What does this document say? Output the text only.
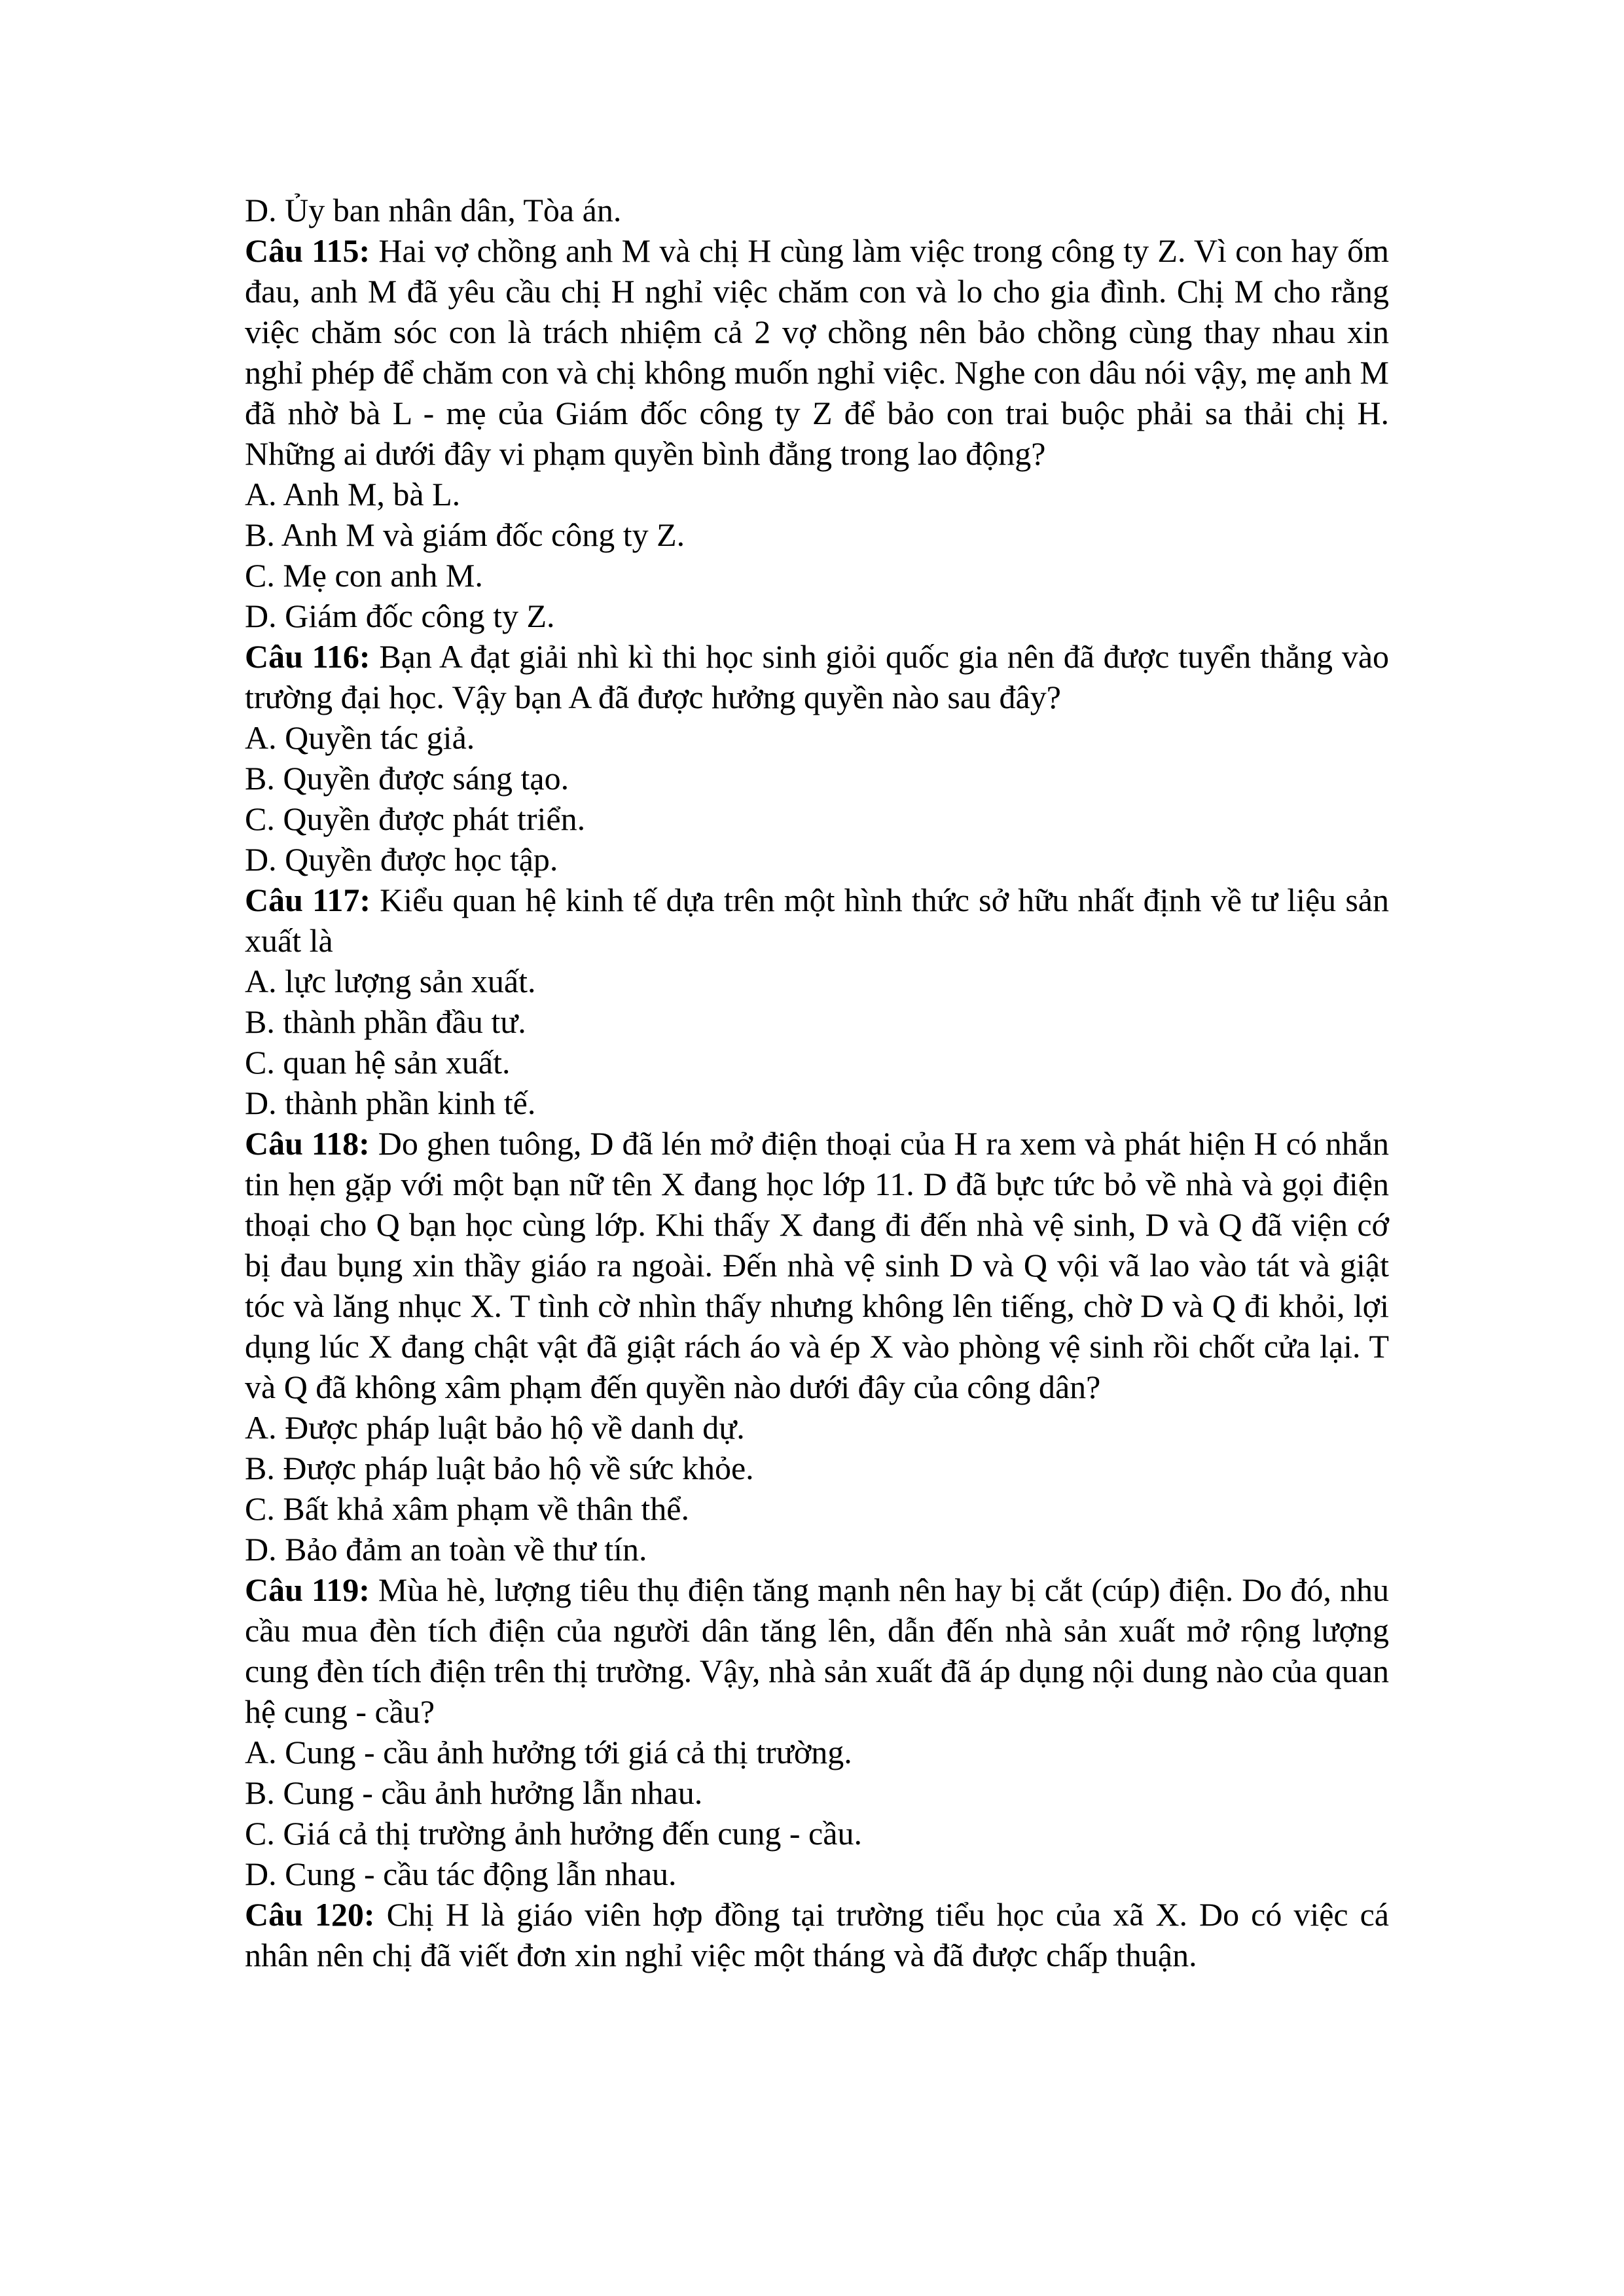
D. Ủy ban nhân dân, Tòa án.
Câu 115: Hai vợ chồng anh M và chị H cùng làm việc trong công ty Z. Vì con hay ốm đau, anh M đã yêu cầu chị H nghỉ việc chăm con và lo cho gia đình. Chị M cho rằng việc chăm sóc con là trách nhiệm cả 2 vợ chồng nên bảo chồng cùng thay nhau xin nghỉ phép để chăm con và chị không muốn nghỉ việc. Nghe con dâu nói vậy, mẹ anh M đã nhờ bà L - mẹ của Giám đốc công ty Z để bảo con trai buộc phải sa thải chị H. Những ai dưới đây vi phạm quyền bình đẳng trong lao động?
A. Anh M, bà L.
B. Anh M và giám đốc công ty Z.
C. Mẹ con anh M.
D. Giám đốc công ty Z.
Câu 116: Bạn A đạt giải nhì kì thi học sinh giỏi quốc gia nên đã được tuyển thẳng vào trường đại học. Vậy bạn A đã được hưởng quyền nào sau đây?
A. Quyền tác giả.
B. Quyền được sáng tạo.
C. Quyền được phát triển.
D. Quyền được học tập.
Câu 117: Kiểu quan hệ kinh tế dựa trên một hình thức sở hữu nhất định về tư liệu sản xuất là
A. lực lượng sản xuất.
B. thành phần đầu tư.
C. quan hệ sản xuất.
D. thành phần kinh tế.
Câu 118: Do ghen tuông, D đã lén mở điện thoại của H ra xem và phát hiện H có nhắn tin hẹn gặp với một bạn nữ tên X đang học lớp 11. D đã bực tức bỏ về nhà và gọi điện thoại cho Q bạn học cùng lớp. Khi thấy X đang đi đến nhà vệ sinh, D và Q đã viện cớ bị đau bụng xin thầy giáo ra ngoài. Đến nhà vệ sinh D và Q vội vã lao vào tát và giật tóc và lăng nhục X. T tình cờ nhìn thấy nhưng không lên tiếng, chờ D và Q đi khỏi, lợi dụng lúc X đang chật vật đã giật rách áo và ép X vào phòng vệ sinh rồi chốt cửa lại. T và Q đã không xâm phạm đến quyền nào dưới đây của công dân?
A. Được pháp luật bảo hộ về danh dự.
B. Được pháp luật bảo hộ về sức khỏe.
C. Bất khả xâm phạm về thân thể.
D. Bảo đảm an toàn về thư tín.
Câu 119: Mùa hè, lượng tiêu thụ điện tăng mạnh nên hay bị cắt (cúp) điện. Do đó, nhu cầu mua đèn tích điện của người dân tăng lên, dẫn đến nhà sản xuất mở rộng lượng cung đèn tích điện trên thị trường. Vậy, nhà sản xuất đã áp dụng nội dung nào của quan hệ cung - cầu?
A. Cung - cầu ảnh hưởng tới giá cả thị trường.
B. Cung - cầu ảnh hưởng lẫn nhau.
C. Giá cả thị trường ảnh hưởng đến cung - cầu.
D. Cung - cầu tác động lẫn nhau.
Câu 120: Chị H là giáo viên hợp đồng tại trường tiểu học của xã X. Do có việc cá nhân nên chị đã viết đơn xin nghỉ việc một tháng và đã được chấp thuận.
